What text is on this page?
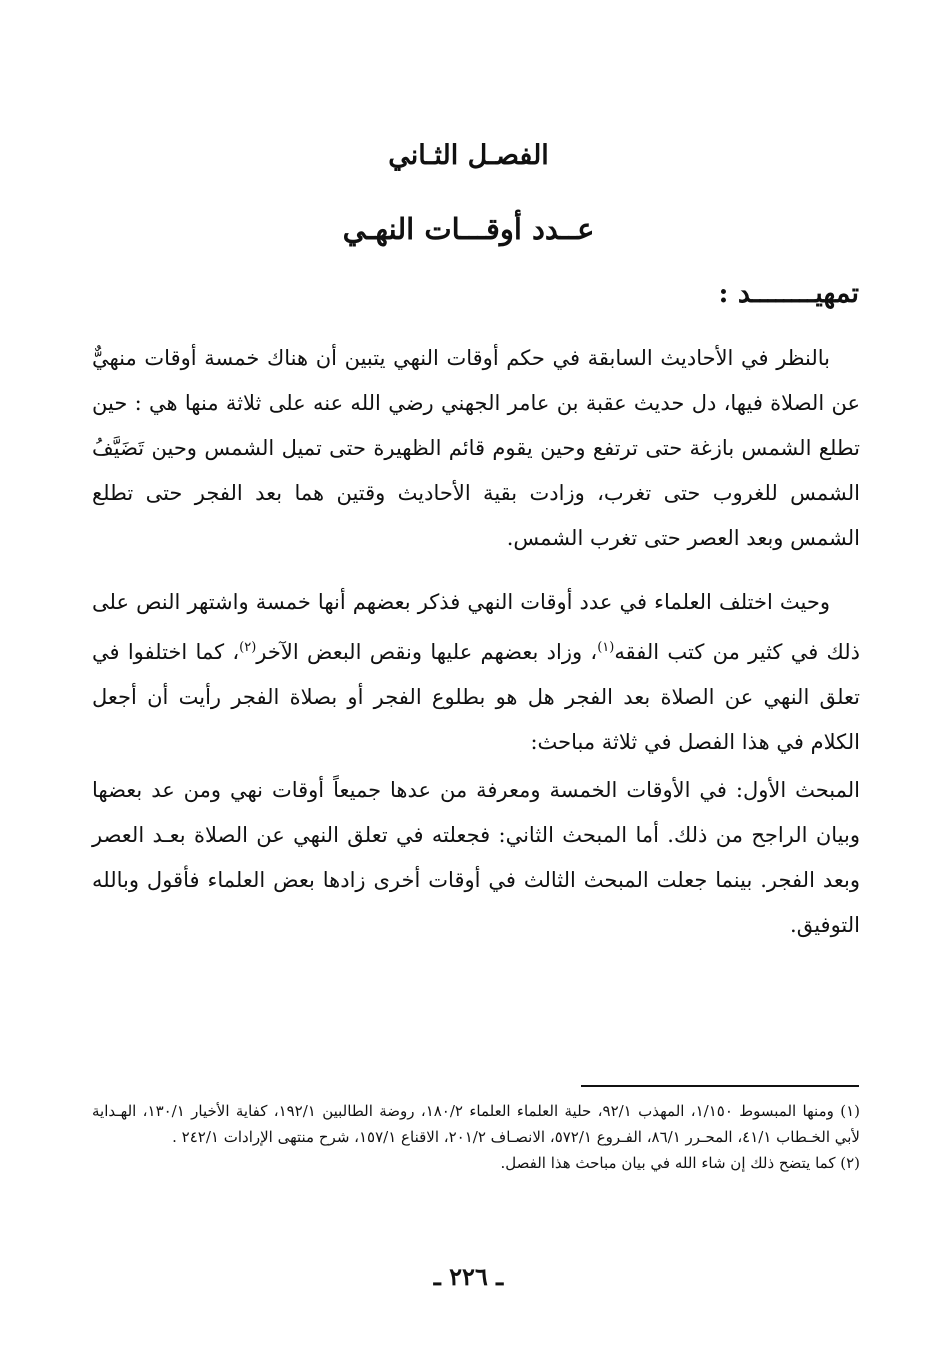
الفصـل الثـاني
عــدد أوقـــات النهـي
تمهيــــــــد :

بالنظر في الأحاديث السابقة في حكم أوقات النهي يتبين أن هناك خمسة أوقات منهيٌّ عن الصلاة فيها، دل حديث عقبة بن عامر الجهني رضي الله عنه على ثلاثة منها هي : حين تطلع الشمس بازغة حتى ترتفع وحين يقوم قائم الظهيرة حتى تميل الشمس وحين تَضَيَّفُ الشمس للغروب حتى تغرب، وزادت بقية الأحاديث وقتين هما بعد الفجر حتى تطلع الشمس وبعد العصر حتى تغرب الشمس.

وحيث اختلف العلماء في عدد أوقات النهي فذكر بعضهم أنها خمسة واشتهر النص على ذلك في كثير من كتب الفقه$^{(١)}$، وزاد بعضهم عليها ونقص البعض الآخر$^{(٢)}$، كما اختلفوا في تعلق النهي عن الصلاة بعد الفجر هل هو بطلوع الفجر أو بصلاة الفجر رأيت أن أجعل الكلام في هذا الفصل في ثلاثة مباحث:

المبحث الأول: في الأوقات الخمسة ومعرفة من عدها جميعاً أوقات نهي ومن عد بعضها وبيان الراجح من ذلك. أما المبحث الثاني: فجعلته في تعلق النهي عن الصلاة بعـد العصر وبعد الفجر. بينما جعلت المبحث الثالث في أوقات أخرى زادها بعض العلماء فأقول وبالله التوفيق.

(١) ومنها المبسوط ١/١٥٠، المهذب ٩٢/١، حلية العلماء العلماء ١٨٠/٢، روضة الطالبين ١٩٢/١، كفاية الأخيار ١٣٠/١، الهـداية لأبي الخـطاب ٤١/١، المحـرر ٨٦/١، الفـروع ٥٧٢/١، الانصـاف ٢٠١/٢، الاقناع ١٥٧/١، شرح منتهى الإرادات ٢٤٢/١ .

(٢) كما يتضح ذلك إن شاء الله في بيان مباحث هذا الفصل.

ـ ٢٢٦ ـ
